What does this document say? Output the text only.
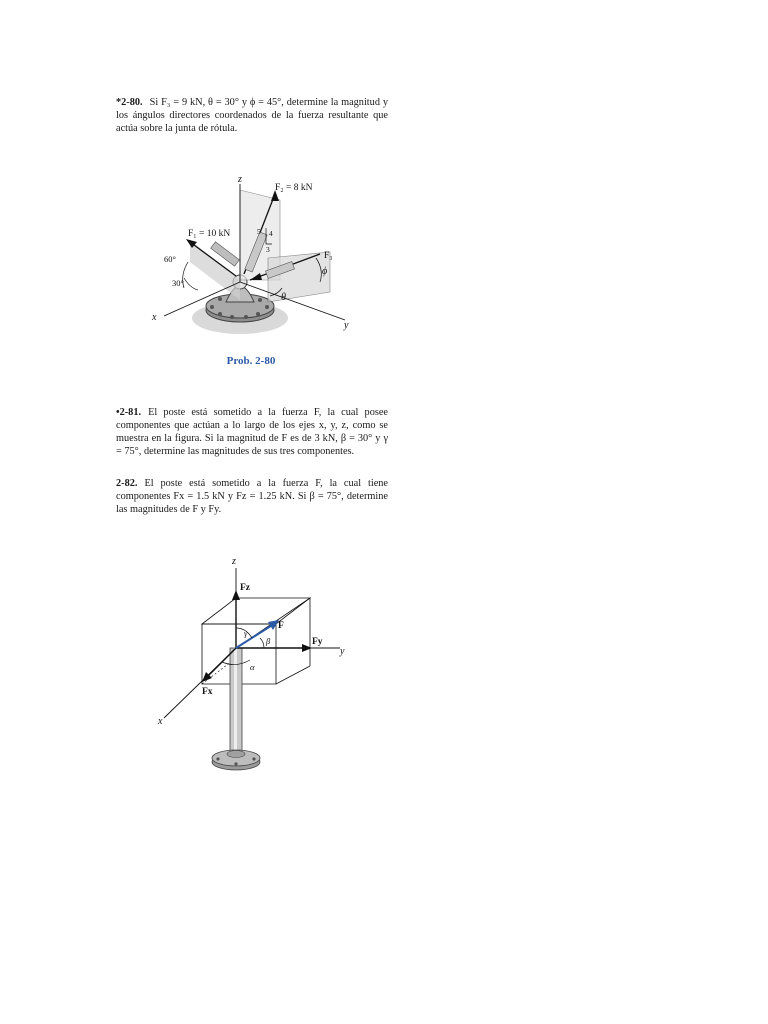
*2-80. Si F₃ = 9 kN, θ = 30° y ϕ = 45°, determine la magnitud y los ángulos directores coordenados de la fuerza resultante que actúa sobre la junta de rótula.

z
x
y
F₂ = 8 kN
F₁ = 10 kN
F₃
60°
30°
θ
ϕ
5 4
3
Prob. 2-80

•2-81. El poste está sometido a la fuerza F, la cual posee componentes que actúan a lo largo de los ejes x, y, z, como se muestra en la figura. Si la magnitud de F es de 3 kN, β = 30° y γ = 75°, determine las magnitudes de sus tres componentes.

2-82. El poste está sometido a la fuerza F, la cual tiene componentes Fx = 1.5 kN y Fz = 1.25 kN. Si β = 75°, determine las magnitudes de F y Fy.

z
y
x
Fz
Fy
Fx
F
γ
β
α
